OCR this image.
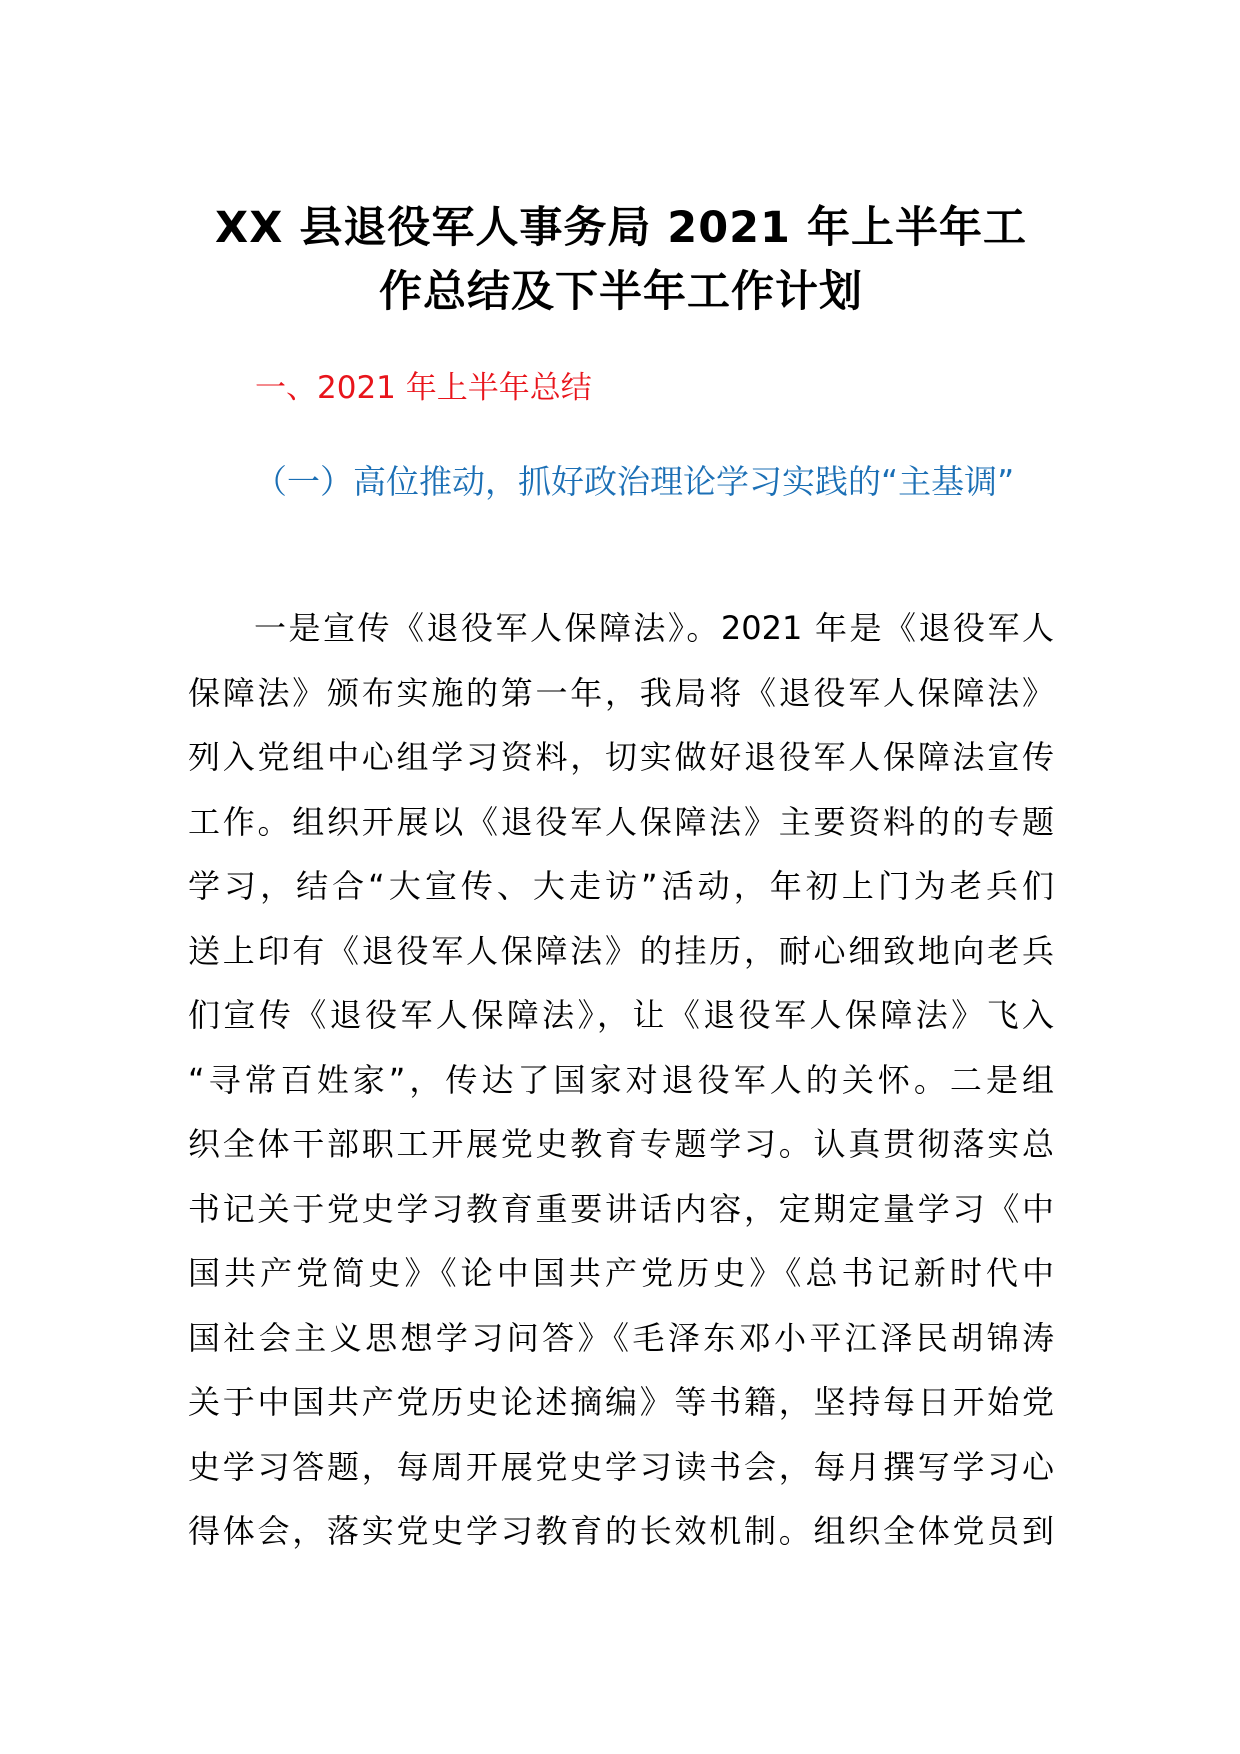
XX 县退役军人事务局 2021 年上半年工
作总结及下半年工作计划
一、2021 年上半年总结
（一）高位推动，抓好政治理论学习实践的“主基调”
一是宣传《退役军人保障法》。2021 年是《退役军人
保障法》颁布实施的第一年，我局将《退役军人保障法》
列入党组中心组学习资料，切实做好退役军人保障法宣传
工作。组织开展以《退役军人保障法》主要资料的的专题
学习，结合“大宣传、大走访”活动，年初上门为老兵们
送上印有《退役军人保障法》的挂历，耐心细致地向老兵
们宣传《退役军人保障法》，让《退役军人保障法》飞入
“寻常百姓家”，传达了国家对退役军人的关怀。二是组
织全体干部职工开展党史教育专题学习。认真贯彻落实总
书记关于党史学习教育重要讲话内容，定期定量学习《中
国共产党简史》《论中国共产党历史》《总书记新时代中
国社会主义思想学习问答》《毛泽东邓小平江泽民胡锦涛
关于中国共产党历史论述摘编》等书籍，坚持每日开始党
史学习答题，每周开展党史学习读书会，每月撰写学习心
得体会，落实党史学习教育的长效机制。组织全体党员到
